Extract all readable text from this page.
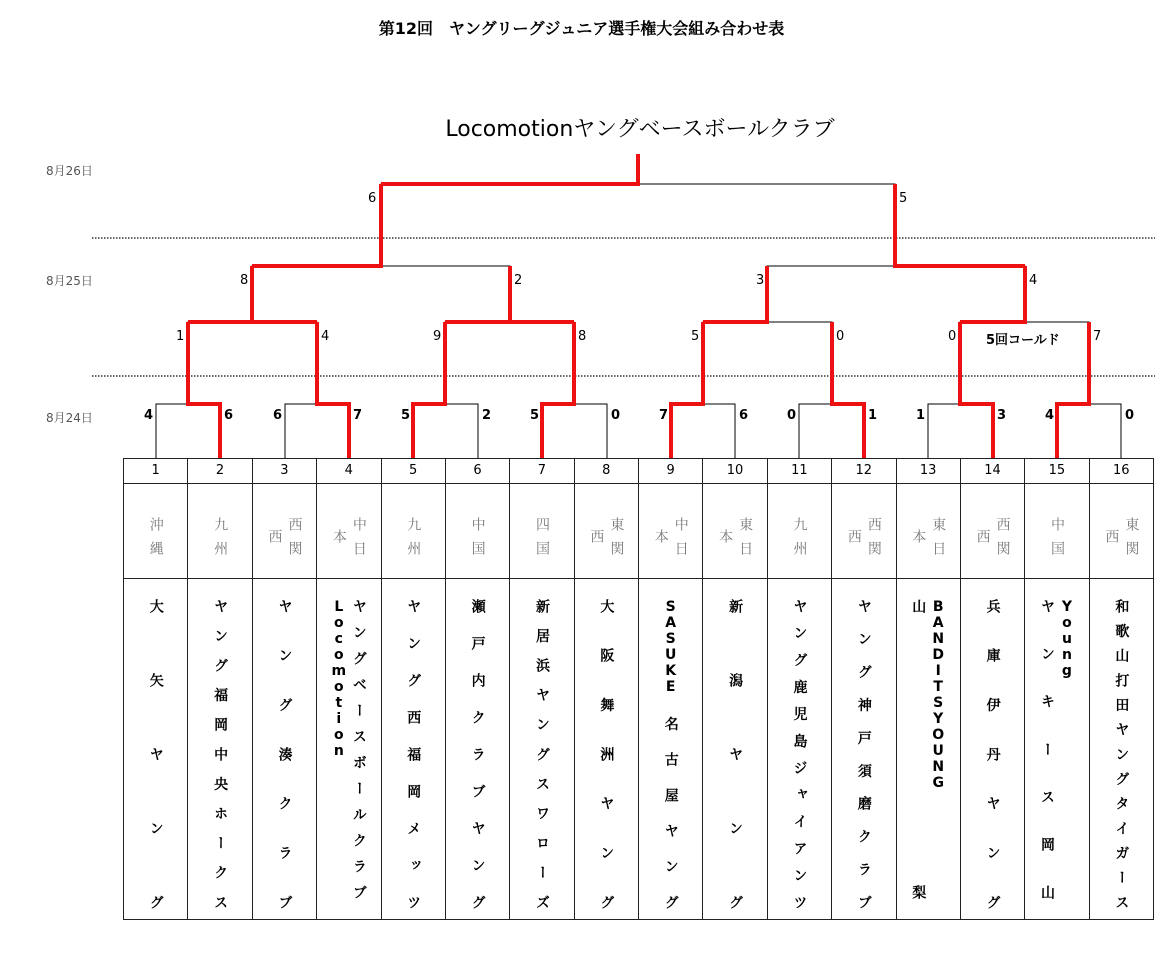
第12回　ヤングリーグジュニア選手権大会組み合わせ表
Locomotionヤングベースボールクラブ
8月26日
8月25日
8月24日
6	5
8	2	3	4
1	4	9	8	5	0	0	7
5回コールド
4	6	6	7	5	2	5	0	7	6	0	1	1	3	4	0
1	2	3	4	5	6	7	8	9	10	11	12	13	14	15	16
沖縄	九州	西関西	中日本	九州	中国	四国	東関西	中日本	東日本	九州	西関西	東日本	西関西	中国	東関西
大矢ヤング	ヤング福岡中央ホークス	ヤング湊クラブ	Locomotion ヤングベースボールクラブ	ヤング西福岡メッツ	瀬戸内クラブヤング	新居浜ヤングスワローズ	大阪舞洲ヤング	SASUKE名古屋ヤング	新潟ヤング	ヤング鹿児島ジャイアンツ	ヤング神戸須磨クラブ	山梨 BANDITSYOUNG	兵庫伊丹ヤング	ヤンキース岡山 Young	和歌山打田ヤングタイガース
